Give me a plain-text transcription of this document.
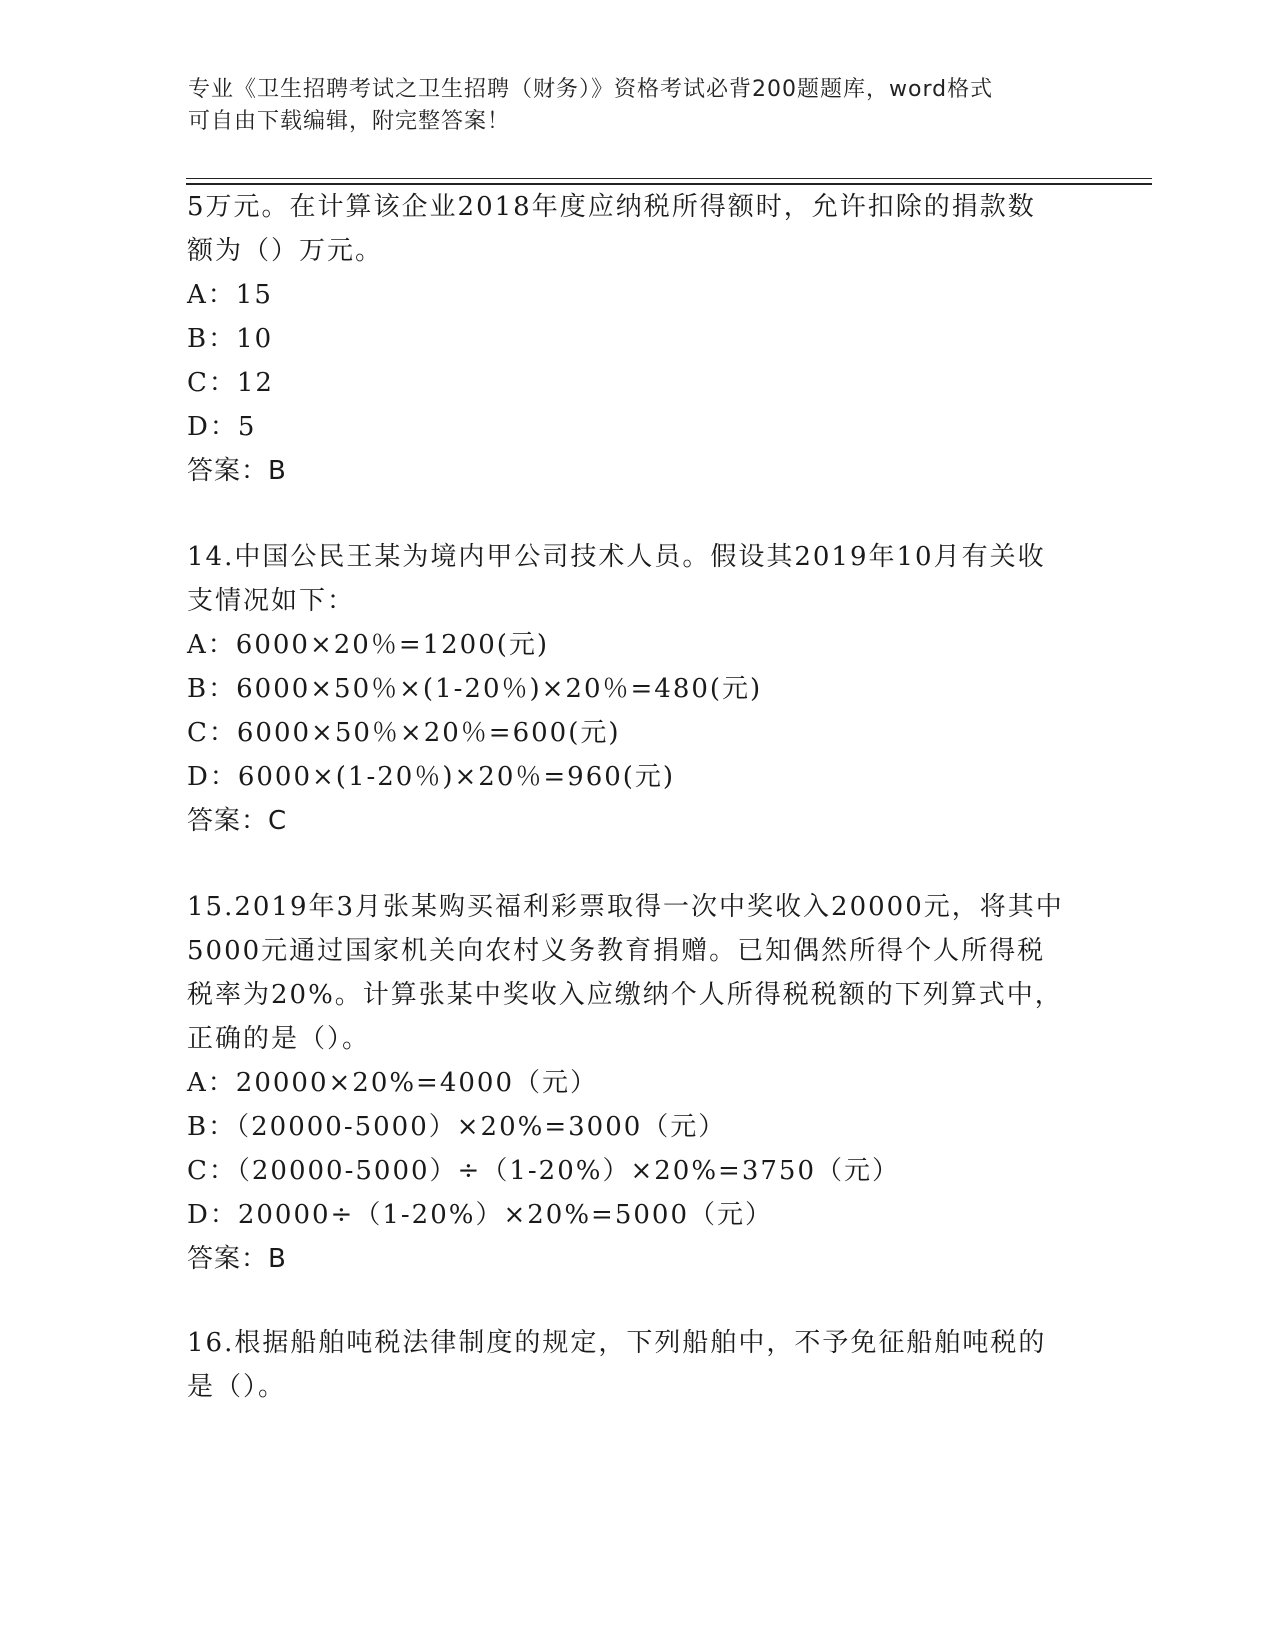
专业《卫生招聘考试之卫生招聘（财务）》资格考试必背200题题库，word格式
可自由下载编辑，附完整答案！
5万元。在计算该企业2018年度应纳税所得额时，允许扣除的捐款数
额为（）万元。
A：15
B：10
C：12
D：5
答案：B
14.中国公民王某为境内甲公司技术人员。假设其2019年10月有关收
支情况如下：
A：6000×20％=1200(元)
B：6000×50％×(1-20％)×20％=480(元)
C：6000×50％×20％=600(元)
D：6000×(1-20％)×20％=960(元)
答案：C
15.2019年3月张某购买福利彩票取得一次中奖收入20000元，将其中
5000元通过国家机关向农村义务教育捐赠。已知偶然所得个人所得税
税率为20%。计算张某中奖收入应缴纳个人所得税税额的下列算式中，
正确的是（）。
A：20000×20%=4000（元）
B：（20000-5000）×20%=3000（元）
C：（20000-5000）÷（1-20%）×20%=3750（元）
D：20000÷（1-20%）×20%=5000（元）
答案：B
16.根据船舶吨税法律制度的规定，下列船舶中，不予免征船舶吨税的
是（）。
